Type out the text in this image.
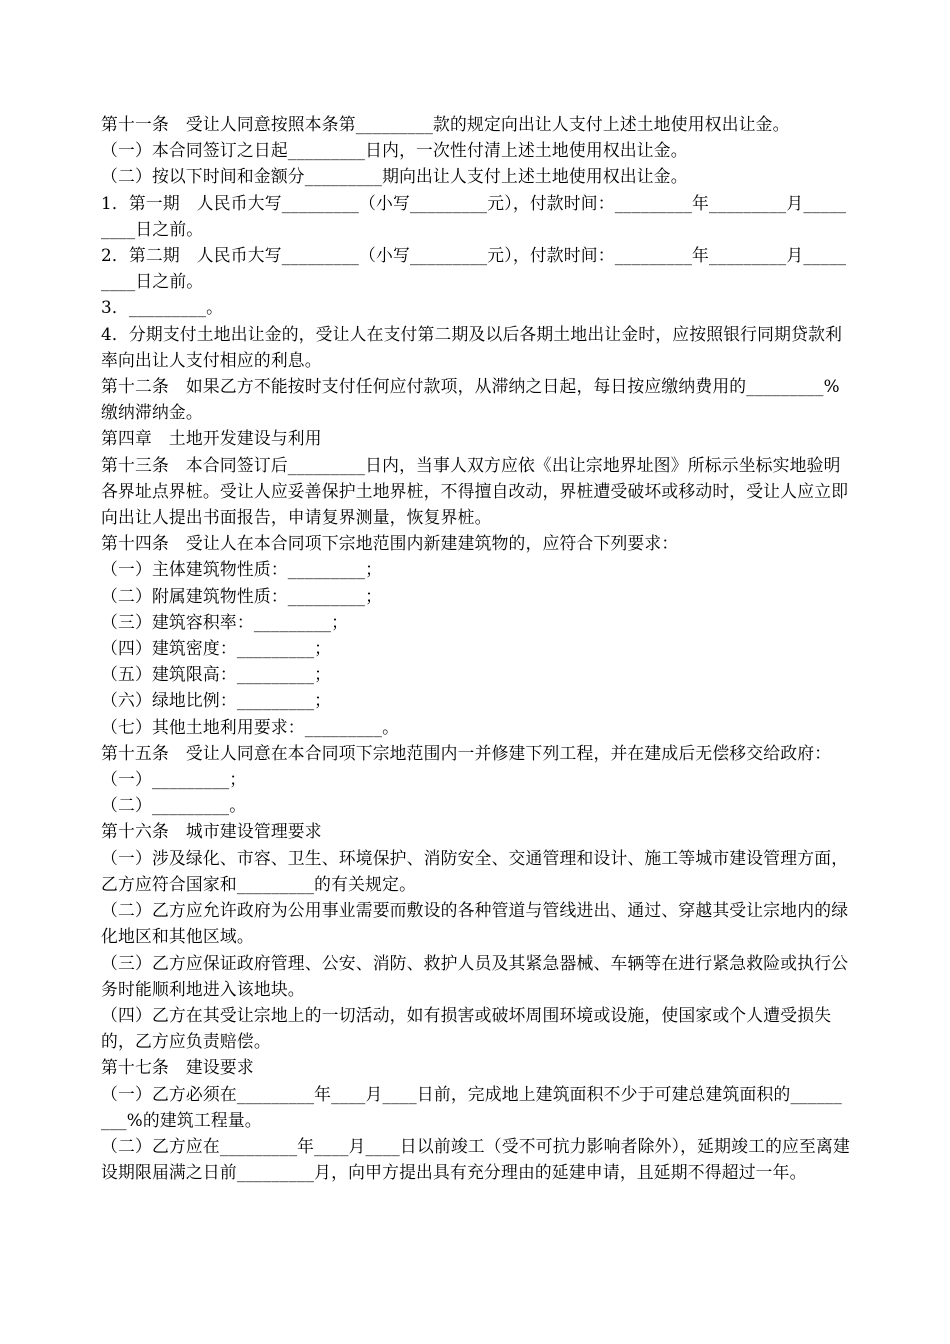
第十一条　受让人同意按照本条第_________款的规定向出让人支付上述土地使用权出让金。

（一）本合同签订之日起_________日内，一次性付清上述土地使用权出让金。

（二）按以下时间和金额分_________期向出让人支付上述土地使用权出让金。

1．第一期　人民币大写_________（小写_________元），付款时间：_________年_________月_________日之前。

2．第二期　人民币大写_________（小写_________元），付款时间：_________年_________月_________日之前。

3．_________。

4．分期支付土地出让金的，受让人在支付第二期及以后各期土地出让金时，应按照银行同期贷款利率向出让人支付相应的利息。

第十二条　如果乙方不能按时支付任何应付款项，从滞纳之日起，每日按应缴纳费用的_________%缴纳滞纳金。

第四章　土地开发建设与利用

第十三条　本合同签订后_________日内，当事人双方应依《出让宗地界址图》所标示坐标实地验明各界址点界桩。受让人应妥善保护土地界桩，不得擅自改动，界桩遭受破坏或移动时，受让人应立即向出让人提出书面报告，申请复界测量，恢复界桩。

第十四条　受让人在本合同项下宗地范围内新建建筑物的，应符合下列要求：

（一）主体建筑物性质：_________；

（二）附属建筑物性质：_________；

（三）建筑容积率：_________；

（四）建筑密度：_________；

（五）建筑限高：_________；

（六）绿地比例：_________；

（七）其他土地利用要求：_________。

第十五条　受让人同意在本合同项下宗地范围内一并修建下列工程，并在建成后无偿移交给政府：

（一）_________；

（二）_________。

第十六条　城市建设管理要求

（一）涉及绿化、市容、卫生、环境保护、消防安全、交通管理和设计、施工等城市建设管理方面，乙方应符合国家和_________的有关规定。

（二）乙方应允许政府为公用事业需要而敷设的各种管道与管线进出、通过、穿越其受让宗地内的绿化地区和其他区域。

（三）乙方应保证政府管理、公安、消防、救护人员及其紧急器械、车辆等在进行紧急救险或执行公务时能顺利地进入该地块。

（四）乙方在其受让宗地上的一切活动，如有损害或破坏周围环境或设施，使国家或个人遭受损失的，乙方应负责赔偿。

第十七条　建设要求

（一）乙方必须在_________年____月____日前，完成地上建筑面积不少于可建总建筑面积的_________%的建筑工程量。

（二）乙方应在_________年____月____日以前竣工（受不可抗力影响者除外），延期竣工的应至离建设期限届满之日前_________月，向甲方提出具有充分理由的延建申请，且延期不得超过一年。
